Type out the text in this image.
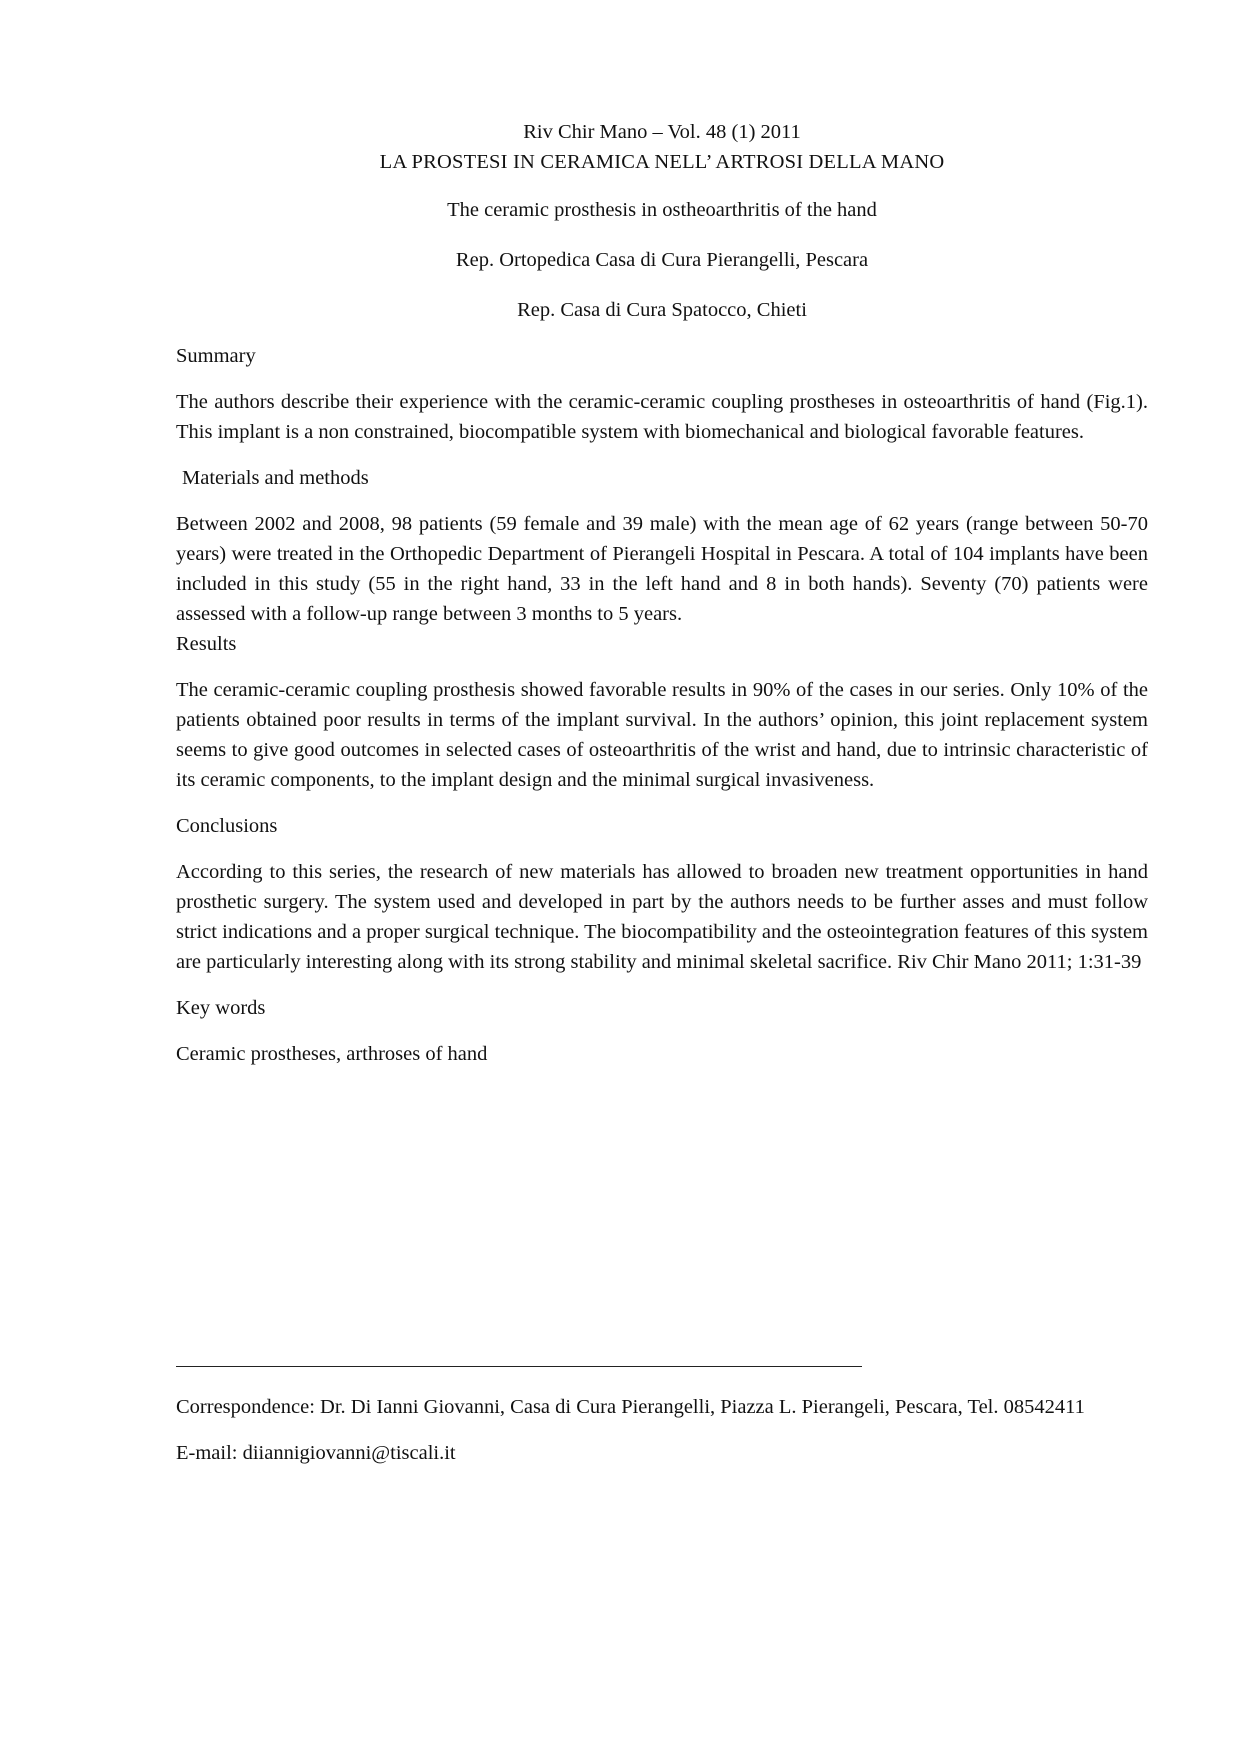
Riv Chir Mano – Vol. 48 (1) 2011

LA PROSTESI IN CERAMICA NELL’ ARTROSI DELLA MANO

The ceramic prosthesis in ostheoarthritis of the hand

Rep. Ortopedica Casa di Cura Pierangelli, Pescara

Rep. Casa di Cura Spatocco, Chieti

Summary

The authors describe their experience with the ceramic-ceramic coupling prostheses in osteoarthritis of hand (Fig.1). This implant is a non constrained, biocompatible system with biomechanical and biological favorable features.

Materials and methods

Between 2002 and 2008, 98 patients (59 female and 39 male) with the mean age of 62 years (range between 50-70 years) were treated in the Orthopedic Department of Pierangeli Hospital in Pescara. A total of 104 implants have been included in this study (55 in the right hand, 33 in the left hand and 8 in both hands). Seventy (70) patients were assessed with a follow-up range between 3 months to 5 years.

Results

The ceramic-ceramic coupling prosthesis showed favorable results in 90% of the cases in our series. Only 10% of the patients obtained poor results in terms of the implant survival. In the authors’ opinion, this joint replacement system seems to give good outcomes in selected cases of osteoarthritis of the wrist and hand, due to intrinsic characteristic of its ceramic components, to the implant design and the minimal surgical invasiveness.

Conclusions

According to this series, the research of new materials has allowed to broaden new treatment opportunities in hand prosthetic surgery. The system used and developed in part by the authors needs to be further asses and must follow strict indications and a proper surgical technique. The biocompatibility and the osteointegration features of this system are particularly interesting along with its strong stability and minimal skeletal sacrifice. Riv Chir Mano 2011; 1:31-39

Key words

Ceramic prostheses, arthroses of hand

Correspondence: Dr. Di Ianni Giovanni, Casa di Cura Pierangelli, Piazza L. Pierangeli, Pescara, Tel. 08542411

E-mail: diiannigiovanni@tiscali.it
